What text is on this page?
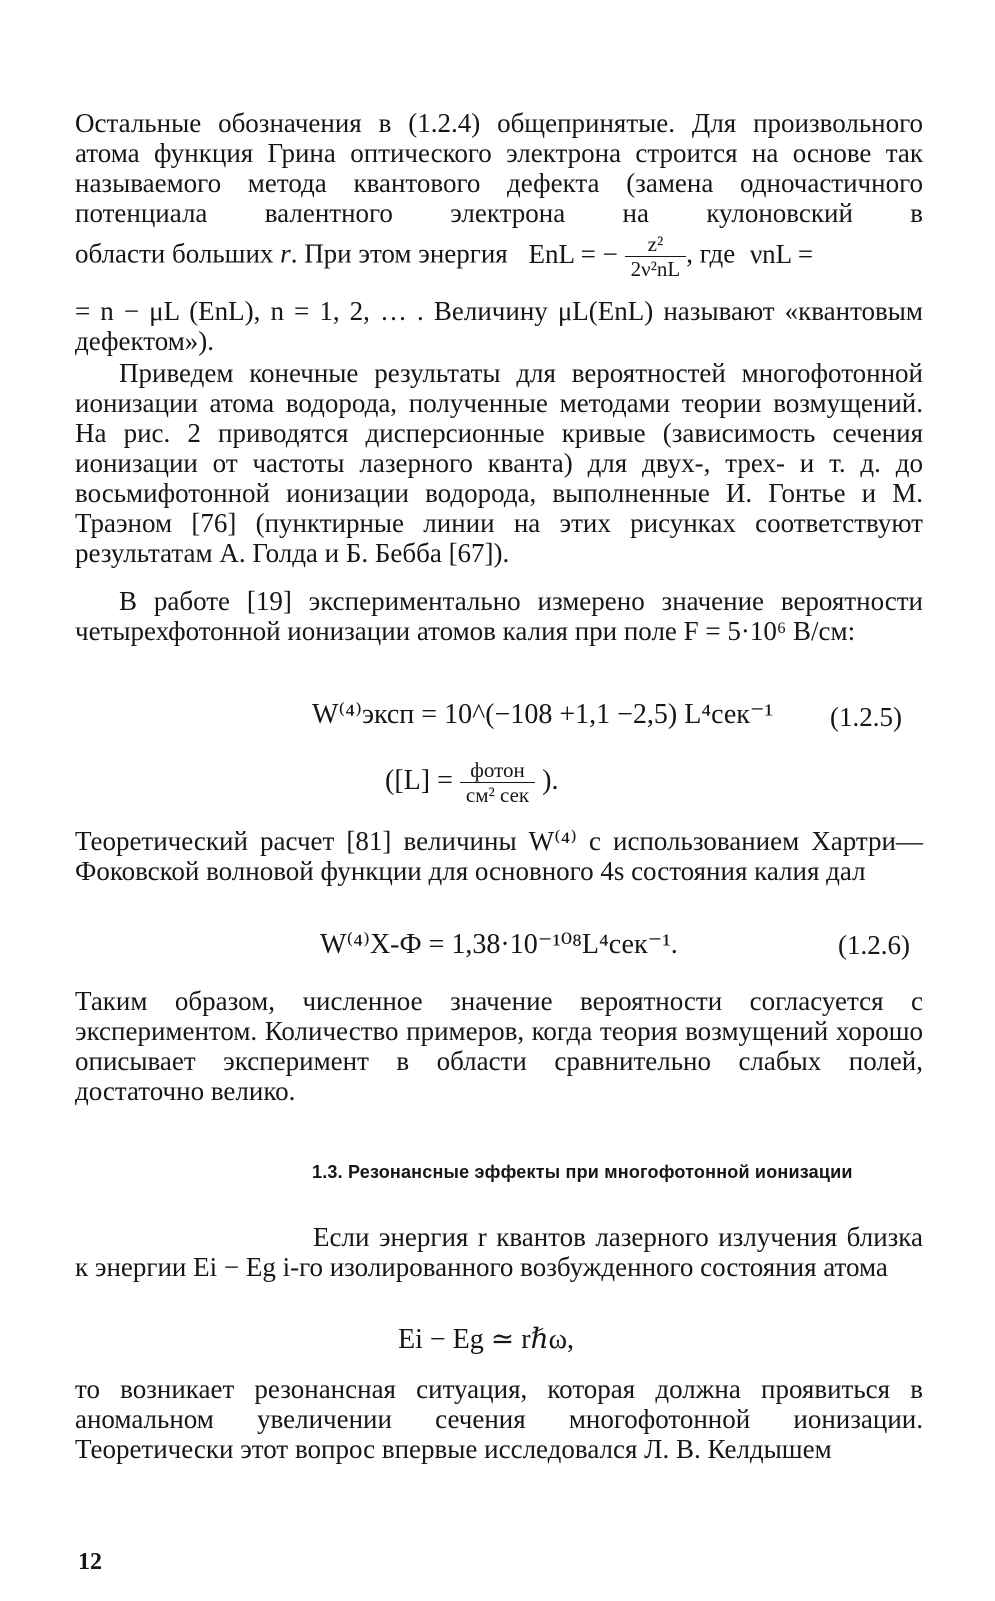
Остальные обозначения в (1.2.4) общепринятые. Для произвольного атома функция Грина оптического электрона строится на основе так называемого метода квантового дефекта (замена одночастичного потенциала валентного электрона на кулоновский в

области больших r. При этом энергия EnL = − $\frac{\text{z²}}{\text{2ν²nL}}$ , где νnL =

= n − μL (EnL), n = 1, 2, … . Величину μL(EnL) называют «квантовым дефектом»).

Приведем конечные результаты для вероятностей многофотонной ионизации атома водорода, полученные методами теории возмущений. На рис. 2 приводятся дисперсионные кривые (зависимость сечения ионизации от частоты лазерного кванта) для двух-, трех- и т. д. до восьмифотонной ионизации водорода, выполненные И. Гонтье и М. Траэном [76] (пунктирные линии на этих рисунках соответствуют результатам А. Голда и Б. Бебба [67]).

В работе [19] экспериментально измерено значение вероятности четырехфотонной ионизации атомов калия при поле F = 5·10⁶ В/см:

W⁽⁴⁾эксп = 10^(−108 +1,1 −2,5) L⁴сек⁻¹ (1.2.5)
($[L] = \frac{\text{фотон}}{\text{см² сек}}$ ).

Теоретический расчет [81] величины W⁽⁴⁾ с использованием Хартри—Фоковской волновой функции для основного 4s состояния калия дал

W⁽⁴⁾Х-Ф = 1,38·10⁻¹⁰⁸L⁴сек⁻¹.	(1.2.6)

Таким образом, численное значение вероятности согласуется с экспериментом. Количество примеров, когда теория возмущений хорошо описывает эксперимент в области сравнительно слабых полей, достаточно велико.

1.3. Резонансные эффекты при многофотонной ионизации

Если энергия r квантов лазерного излучения близка к энергии Ei − Eg i-го изолированного возбужденного состояния атома

Ei − Eg ≃ rℏω,

то возникает резонансная ситуация, которая должна проявиться в аномальном увеличении сечения многофотонной ионизации. Теоретически этот вопрос впервые исследовался Л. В. Келдышем

12
